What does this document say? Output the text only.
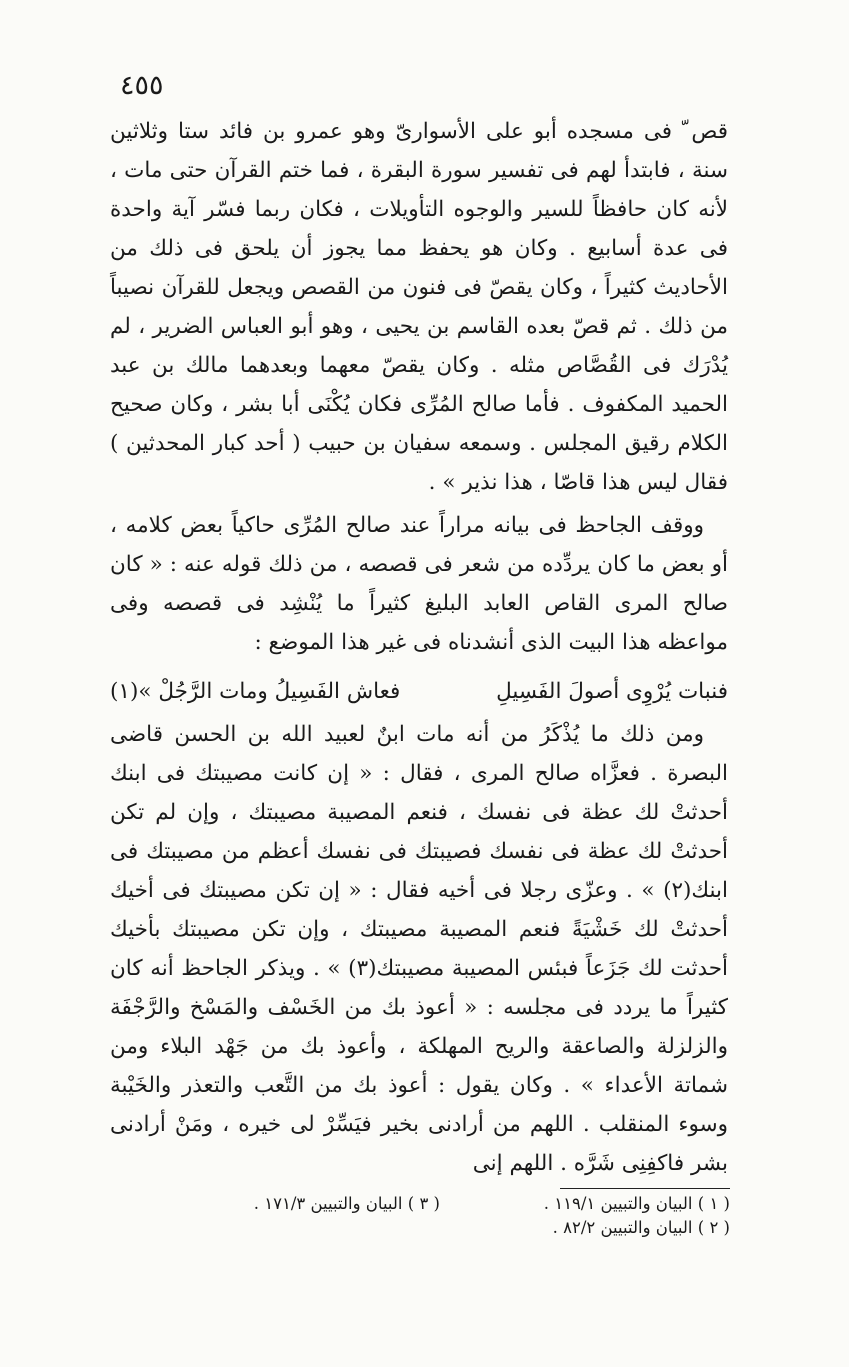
٤٥٥

قص ّ فى مسجده أبو على الأسوارىّ وهو عمرو بن فائد ستا وثلاثين سنة ، فابتدأ لهم فى تفسير سورة البقرة ، فما ختم القرآن حتى مات ، لأنه كان حافظاً للسير والوجوه التأويلات ، فكان ربما فسّر آية واحدة فى عدة أسابيع . وكان هو يحفظ مما يجوز أن يلحق فى ذلك من الأحاديث كثيراً ، وكان يقصّ فى فنون من القصص ويجعل للقرآن نصيباً من ذلك . ثم قصّ بعده القاسم بن يحيى ، وهو أبو العباس الضرير ، لم يُدْرَك فى القُصَّاص مثله . وكان يقصّ معهما وبعدهما مالك بن عبد الحميد المكفوف . فأما صالح المُرِّى فكان يُكْنَى أبا بشر ، وكان صحيح الكلام رقيق المجلس . وسمعه سفيان بن حبيب ( أحد كبار المحدثين ) فقال ليس هذا قاصّا ، هذا نذير » .

ووقف الجاحظ فى بيانه مراراً عند صالح المُرِّى حاكياً بعض كلامه ، أو بعض ما كان يردِّده من شعر فى قصصه ، من ذلك قوله عنه : « كان صالح المرى القاص العابد البليغ كثيراً ما يُنْشِد فى قصصه وفى مواعظه هذا البيت الذى أنشدناه فى غير هذا الموضع :

فنبات يُرْوِى أصولَ الفَسِيلِ
فعاش الفَسِيلُ ومات الرَّجُلْ »(١)

ومن ذلك ما يُذْكَرُ من أنه مات ابنٌ لعبيد الله بن الحسن قاضى البصرة . فعزَّاه صالح المرى ، فقال : « إن كانت مصيبتك فى ابنك أحدثتْ لك عظة فى نفسك ، فنعم المصيبة مصيبتك ، وإن لم تكن أحدثتْ لك عظة فى نفسك فصيبتك فى نفسك أعظم من مصيبتك فى ابنك(٢) » . وعزّى رجلا فى أخيه فقال : « إن تكن مصيبتك فى أخيك أحدثتْ لك خَشْيَةً فنعم المصيبة مصيبتك ، وإن تكن مصيبتك بأخيك أحدثت لك جَزَعاً فبئس المصيبة مصيبتك(٣) » . ويذكر الجاحظ أنه كان كثيراً ما يردد فى مجلسه : « أعوذ بك من الخَسْف والمَسْخ والرَّجْفَة والزلزلة والصاعقة والريح المهلكة ، وأعوذ بك من جَهْد البلاء ومن شماتة الأعداء » . وكان يقول : أعوذ بك من التَّعب والتعذر والخَيْبة وسوء المنقلب . اللهم من أرادنى بخير فيَسِّرْ لى خيره ، ومَنْ أرادنى بشر فاكفِنِى شَرَّه . اللهم إنى

( ١ ) البيان والتبيين ١١٩/١ .
( ٢ ) البيان والتبيين ٨٢/٢ .
( ٣ ) البيان والتبيين ١٧١/٣ .
